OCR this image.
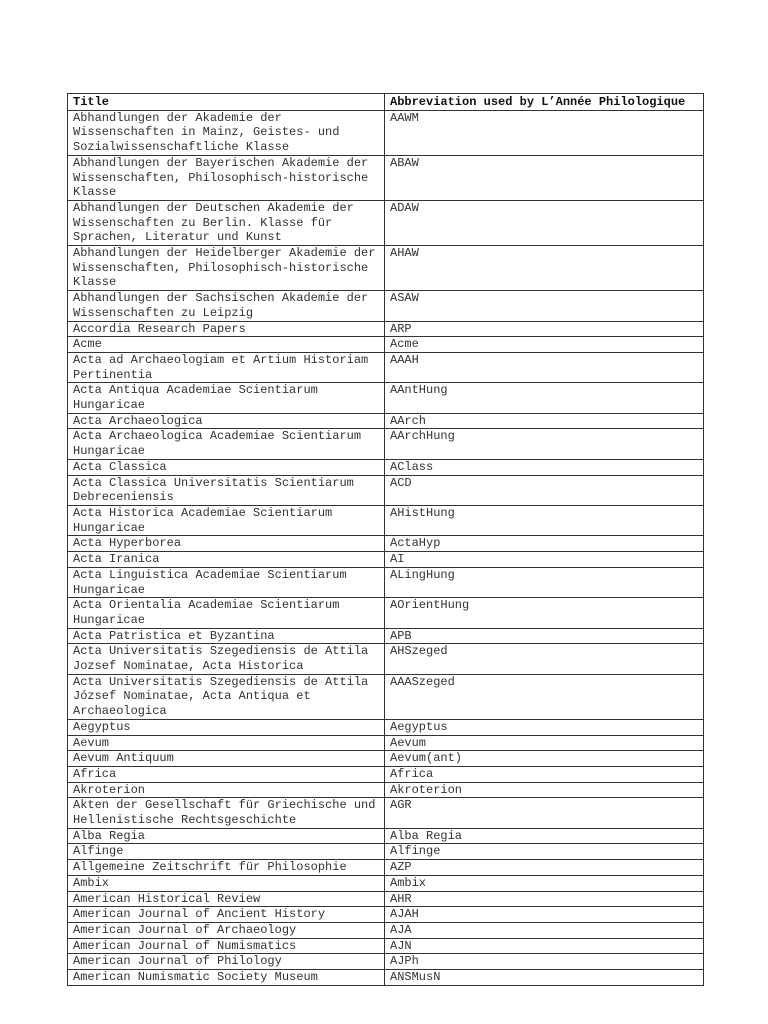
Title	Abbreviation used by L’Année Philologique
Abhandlungen der Akademie der Wissenschaften in Mainz, Geistes- und Sozialwissenschaftliche Klasse	AAWM
Abhandlungen der Bayerischen Akademie der Wissenschaften, Philosophisch-historische Klasse	ABAW
Abhandlungen der Deutschen Akademie der Wissenschaften zu Berlin. Klasse für Sprachen, Literatur und Kunst	ADAW
Abhandlungen der Heidelberger Akademie der Wissenschaften, Philosophisch-historische Klasse	AHAW
Abhandlungen der Sachsischen Akademie der Wissenschaften zu Leipzig	ASAW
Accordia Research Papers	ARP
Acme	Acme
Acta ad Archaeologiam et Artium Historiam Pertinentia	AAAH
Acta Antiqua Academiae Scientiarum Hungaricae	AAntHung
Acta Archaeologica	AArch
Acta Archaeologica Academiae Scientiarum Hungaricae	AArchHung
Acta Classica	AClass
Acta Classica Universitatis Scientiarum Debreceniensis	ACD
Acta Historica Academiae Scientiarum Hungaricae	AHistHung
Acta Hyperborea	ActaHyp
Acta Iranica	AI
Acta Linguistica Academiae Scientiarum Hungaricae	ALingHung
Acta Orientalia Academiae Scientiarum Hungaricae	AOrientHung
Acta Patristica et Byzantina	APB
Acta Universitatis Szegediensis de Attila Jozsef Nominatae, Acta Historica	AHSzeged
Acta Universitatis Szegediensis de Attila József Nominatae, Acta Antiqua et Archaeologica	AAASzeged
Aegyptus	Aegyptus
Aevum	Aevum
Aevum Antiquum	Aevum(ant)
Africa	Africa
Akroterion	Akroterion
Akten der Gesellschaft für Griechische und Hellenistische Rechtsgeschichte	AGR
Alba Regia	Alba Regia
Alfinge	Alfinge
Allgemeine Zeitschrift für Philosophie	AZP
Ambix	Ambix
American Historical Review	AHR
American Journal of Ancient History	AJAH
American Journal of Archaeology	AJA
American Journal of Numismatics	AJN
American Journal of Philology	AJPh
American Numismatic Society Museum	ANSMusN
